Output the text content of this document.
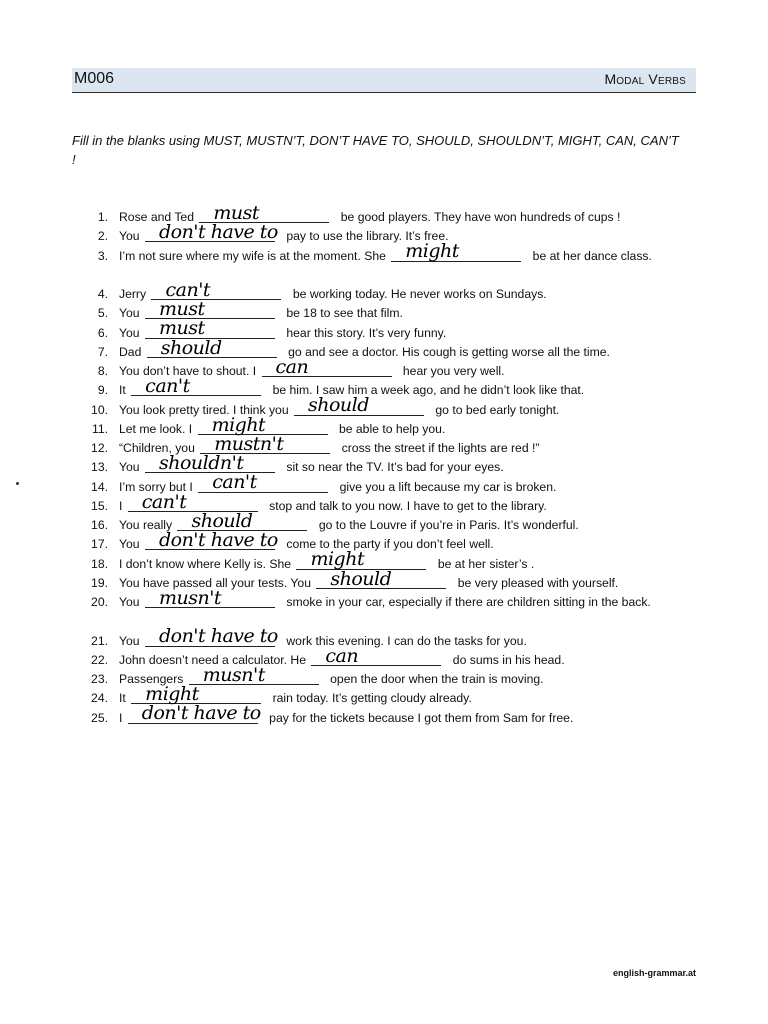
M006	Modal Verbs
Fill in the blanks using MUST, MUSTN’T, DON’T HAVE TO, SHOULD, SHOULDN’T, MIGHT, CAN, CAN’T !
1. Rose and Ted must	be good players. They have won hundreds of cups !
2. You don't have to pay to use the library. It’s free.
3. I’m not sure where my wife is at the moment. She might	be at her dance class.
4. Jerry can't	be working today. He never works on Sundays.
5. You must	be 18 to see that film.
6. You must	hear this story. It’s very funny.
7. Dad should	go and see a doctor. His cough is getting worse all the time.
8. You don’t have to shout. I can	hear you very well.
9. It can't	be him. I saw him a week ago, and he didn’t look like that.
10. You look pretty tired. I think you should	go to bed early tonight.
11. Let me look. I might	be able to help you.
12. “Children, you mustn't	cross the street if the lights are red !”
13. You shouldn't	sit so near the TV. It’s bad for your eyes.
14. I’m sorry but I can't	give you a lift because my car is broken.
15. I can't	stop and talk to you now. I have to get to the library.
16. You really should	go to the Louvre if you’re in Paris. It’s wonderful.
17. You don't have to come to the party if you don’t feel well.
18. I don’t know where Kelly is. She might	be at her sister’s .
19. You have passed all your tests. You should	be very pleased with yourself.
20. You musn't	smoke in your car, especially if there are children sitting in the back.
21. You don't have to work this evening. I can do the tasks for you.
22. John doesn’t need a calculator. He can	do sums in his head.
23. Passengers musn't	open the door when the train is moving.
24. It might	rain today. It’s getting cloudy already.
25. I don't have to pay for the tickets because I got them from Sam for free.
english-grammar.at
